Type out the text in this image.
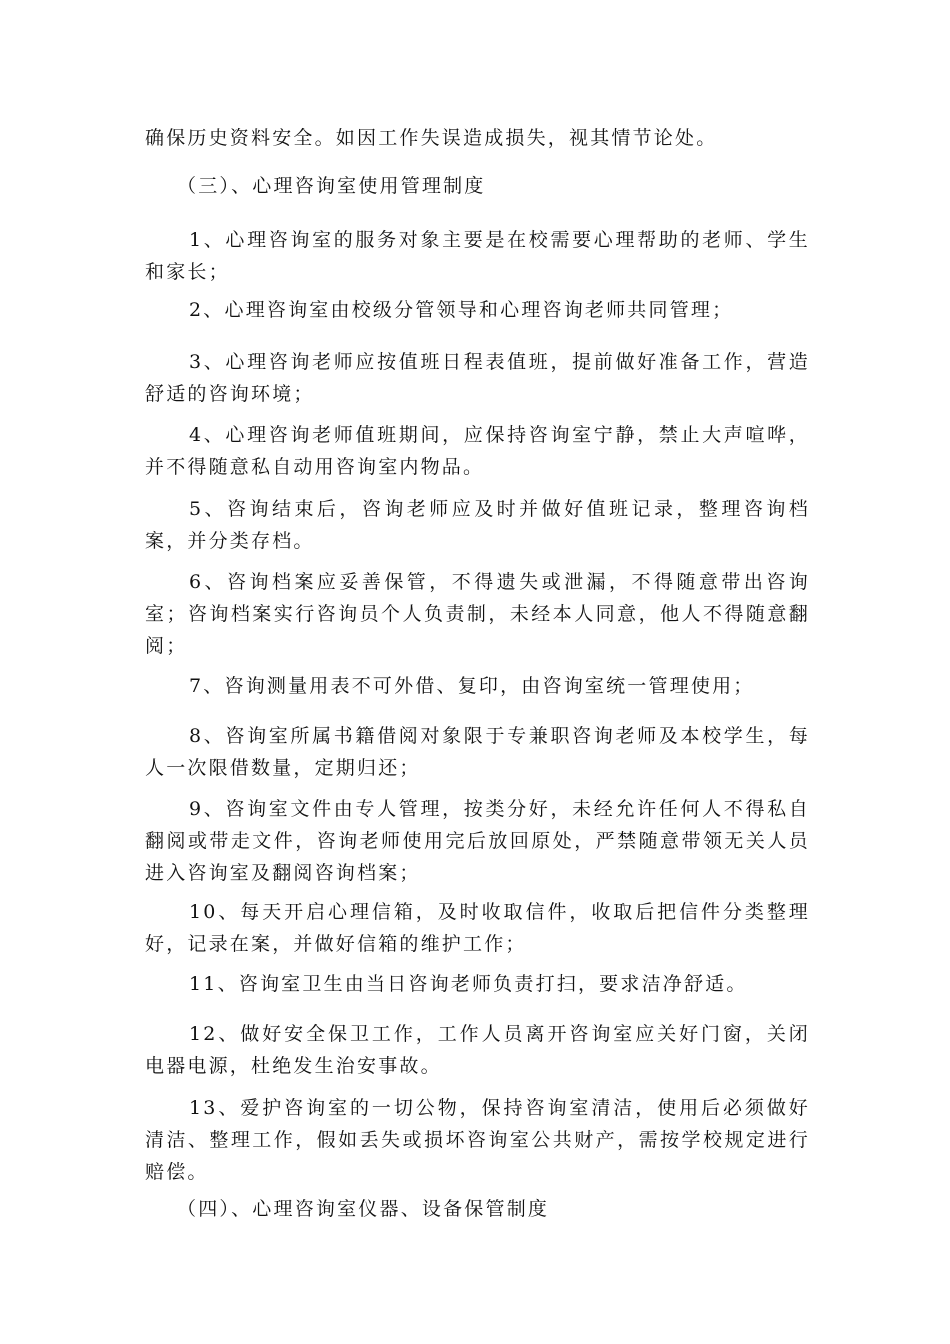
确保历史资料安全。如因工作失误造成损失，视其情节论处。

（三）、心理咨询室使用管理制度

1、心理咨询室的服务对象主要是在校需要心理帮助的老师、学生和家长；

2、心理咨询室由校级分管领导和心理咨询老师共同管理；

3、心理咨询老师应按值班日程表值班，提前做好准备工作，营造舒适的咨询环境；

4、心理咨询老师值班期间，应保持咨询室宁静，禁止大声喧哗，并不得随意私自动用咨询室内物品。

5、咨询结束后，咨询老师应及时并做好值班记录，整理咨询档案，并分类存档。

6、咨询档案应妥善保管，不得遗失或泄漏，不得随意带出咨询室；咨询档案实行咨询员个人负责制，未经本人同意，他人不得随意翻阅；

7、咨询测量用表不可外借、复印，由咨询室统一管理使用；

8、咨询室所属书籍借阅对象限于专兼职咨询老师及本校学生，每人一次限借数量，定期归还；

9、咨询室文件由专人管理，按类分好，未经允许任何人不得私自翻阅或带走文件，咨询老师使用完后放回原处，严禁随意带领无关人员进入咨询室及翻阅咨询档案；

10、每天开启心理信箱，及时收取信件，收取后把信件分类整理好，记录在案，并做好信箱的维护工作；

11、咨询室卫生由当日咨询老师负责打扫，要求洁净舒适。

12、做好安全保卫工作，工作人员离开咨询室应关好门窗，关闭电器电源，杜绝发生治安事故。

13、爱护咨询室的一切公物，保持咨询室清洁，使用后必须做好清洁、整理工作，假如丢失或损坏咨询室公共财产，需按学校规定进行赔偿。

（四）、心理咨询室仪器、设备保管制度
